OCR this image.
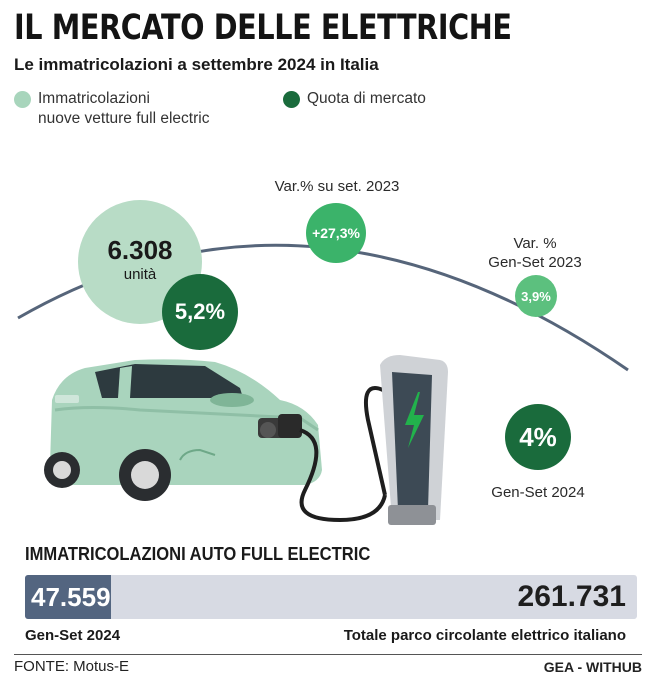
IL MERCATO DELLE ELETTRICHE
Le immatricolazioni a settembre 2024 in Italia
Immatricolazioni
nuove vetture full electric
Quota di mercato
6.308
unità
5,2%
Var.% su set. 2023
+27,3%
Var. %
Gen-Set 2023
3,9%
4%
Gen-Set 2024
IMMATRICOLAZIONI AUTO FULL ELECTRIC
47.559	261.731
Gen-Set 2024	Totale parco circolante elettrico italiano
FONTE: Motus-E	GEA - WITHUB
